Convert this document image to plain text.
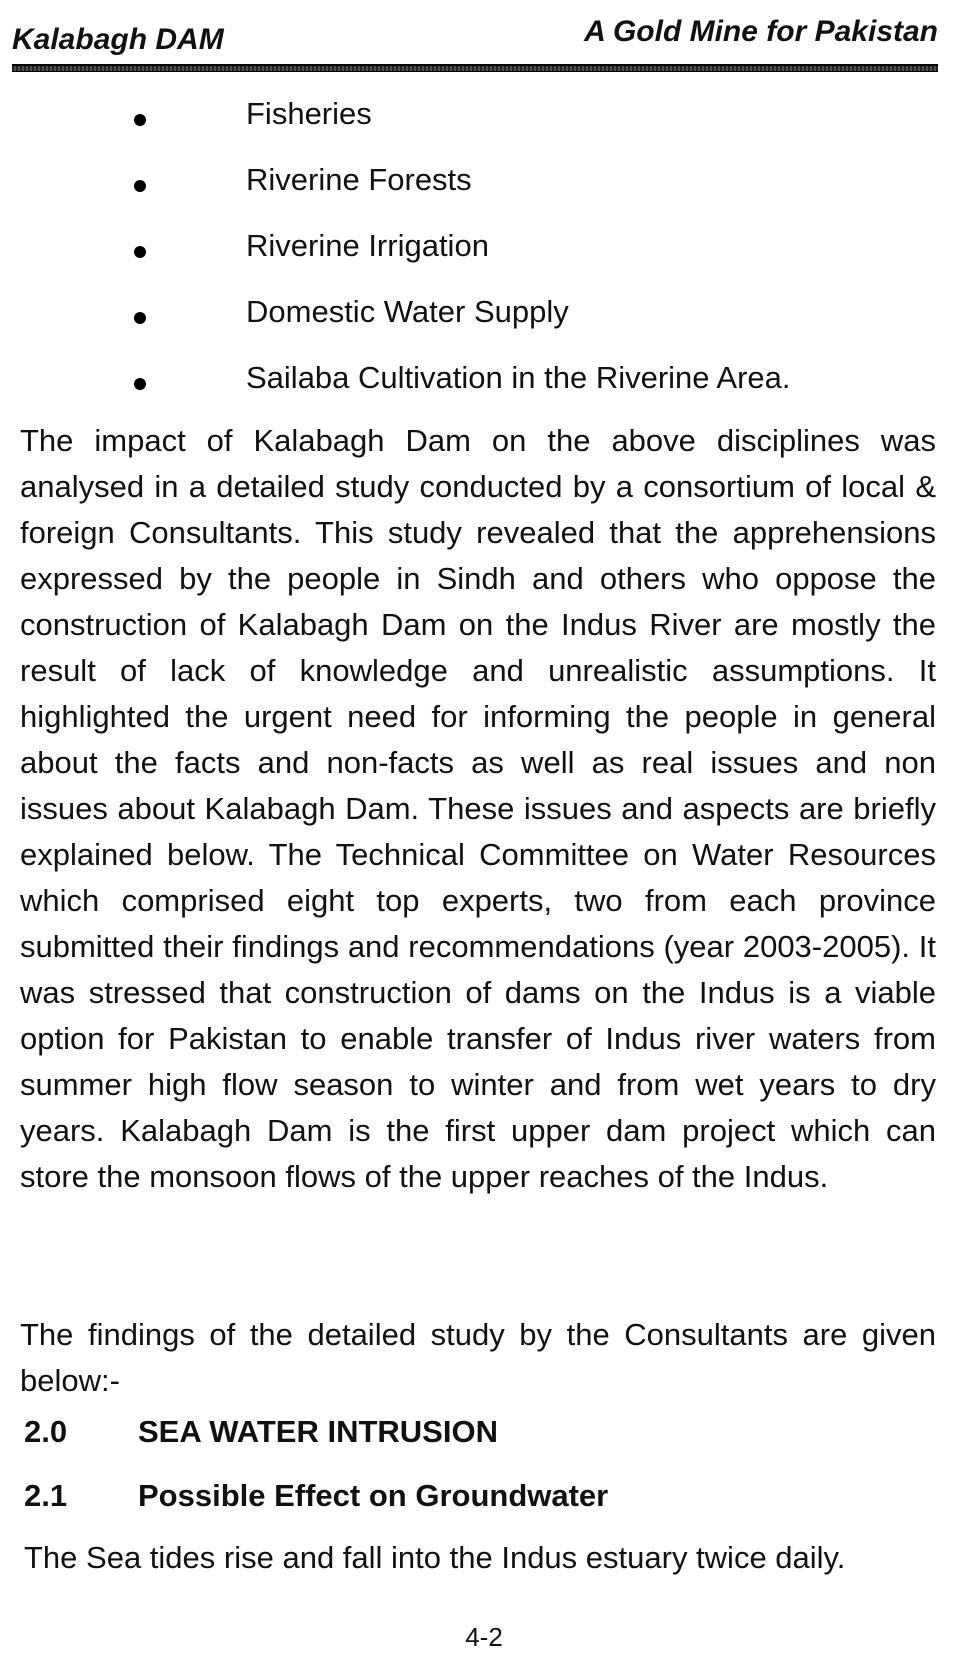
Kalabagh DAM	A Gold Mine for Pakistan
Fisheries
Riverine Forests
Riverine Irrigation
Domestic Water Supply
Sailaba Cultivation in the Riverine Area.

The impact of Kalabagh Dam on the above disciplines was analysed in a detailed study conducted by a consortium of local & foreign Consultants. This study revealed that the apprehensions expressed by the people in Sindh and others who oppose the construction of Kalabagh Dam on the Indus River are mostly the result of lack of knowledge and unrealistic assumptions. It highlighted the urgent need for informing the people in general about the facts and non-facts as well as real issues and non issues about Kalabagh Dam. These issues and aspects are briefly explained below. The Technical Committee on Water Resources which comprised eight top experts, two from each province submitted their findings and recommendations (year 2003-2005). It was stressed that construction of dams on the Indus is a viable option for Pakistan to enable transfer of Indus river waters from summer high flow season to winter and from wet years to dry years. Kalabagh Dam is the first upper dam project which can store the monsoon flows of the upper reaches of the Indus.

The findings of the detailed study by the Consultants are given below:-

2.0 SEA WATER INTRUSION
2.1 Possible Effect on Groundwater

The Sea tides rise and fall into the Indus estuary twice daily.

4-2
